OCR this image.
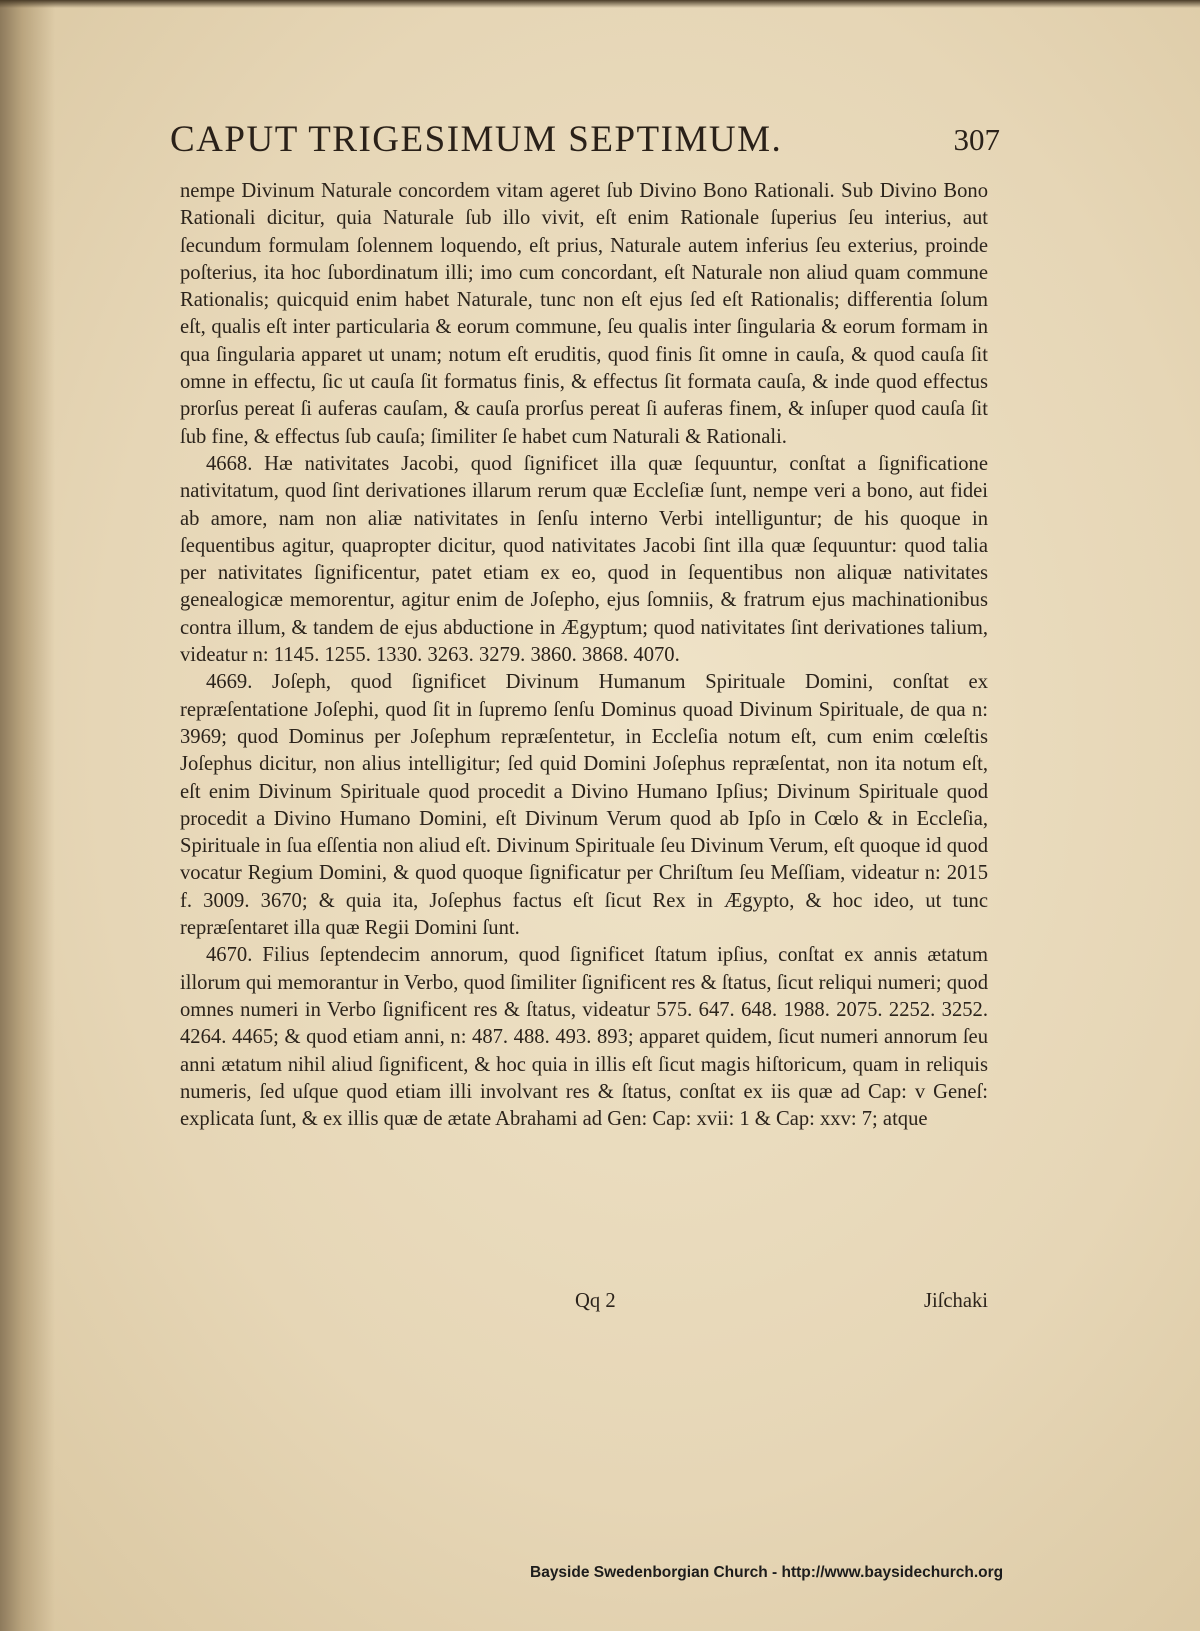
CAPUT TRIGESIMUM SEPTIMUM.	307

nempe Divinum Naturale concordem vitam ageret ſub Divino Bono Rationali. Sub Divino Bono Rationali dicitur, quia Naturale ſub illo vivit, eſt enim Rationale ſuperius ſeu interius, aut ſecundum formulam ſolennem loquendo, eſt prius, Naturale autem inferius ſeu exterius, proinde poſterius, ita hoc ſubordinatum illi; imo cum concordant, eſt Naturale non aliud quam commune Rationalis; quicquid enim habet Naturale, tunc non eſt ejus ſed eſt Rationalis; differentia ſolum eſt, qualis eſt inter particularia & eorum commune, ſeu qualis inter ſingularia & eorum formam in qua ſingularia apparet ut unam; notum eſt eruditis, quod finis ſit omne in cauſa, & quod cauſa ſit omne in effectu, ſic ut cauſa ſit formatus finis, & effectus ſit formata cauſa, & inde quod effectus prorſus pereat ſi auferas cauſam, & cauſa prorſus pereat ſi auferas finem, & inſuper quod cauſa ſit ſub fine, & effectus ſub cauſa; ſimiliter ſe habet cum Naturali & Rationali.

4668. Hæ nativitates Jacobi, quod ſignificet illa quæ ſequuntur, conſtat a ſignificatione nativitatum, quod ſint derivationes illarum rerum quæ Eccleſiæ ſunt, nempe veri a bono, aut fidei ab amore, nam non aliæ nativitates in ſenſu interno Verbi intelliguntur; de his quoque in ſequentibus agitur, quapropter dicitur, quod nativitates Jacobi ſint illa quæ ſequuntur: quod talia per nativitates ſignificentur, patet etiam ex eo, quod in ſequentibus non aliquæ nativitates genealogicæ memorentur, agitur enim de Joſepho, ejus ſomniis, & fratrum ejus machinationibus contra illum, & tandem de ejus abductione in Ægyptum; quod nativitates ſint derivationes talium, videatur n: 1145. 1255. 1330. 3263. 3279. 3860. 3868. 4070.

4669. Joſeph, quod ſignificet Divinum Humanum Spirituale Domini, conſtat ex repræſentatione Joſephi, quod ſit in ſupremo ſenſu Dominus quoad Divinum Spirituale, de qua n: 3969; quod Dominus per Joſephum repræſentetur, in Eccleſia notum eſt, cum enim cœleſtis Joſephus dicitur, non alius intelligitur; ſed quid Domini Joſephus repræſentat, non ita notum eſt, eſt enim Divinum Spirituale quod procedit a Divino Humano Ipſius; Divinum Spirituale quod procedit a Divino Humano Domini, eſt Divinum Verum quod ab Ipſo in Cœlo & in Eccleſia, Spirituale in ſua eſſentia non aliud eſt. Divinum Spirituale ſeu Divinum Verum, eſt quoque id quod vocatur Regium Domini, & quod quoque ſignificatur per Chriſtum ſeu Meſſiam, videatur n: 2015 f. 3009. 3670; & quia ita, Joſephus factus eſt ſicut Rex in Ægypto, & hoc ideo, ut tunc repræſentaret illa quæ Regii Domini ſunt.

4670. Filius ſeptendecim annorum, quod ſignificet ſtatum ipſius, conſtat ex annis ætatum illorum qui memorantur in Verbo, quod ſimiliter ſignificent res & ſtatus, ſicut reliqui numeri; quod omnes numeri in Verbo ſignificent res & ſtatus, videatur 575. 647. 648. 1988. 2075. 2252. 3252. 4264. 4465; & quod etiam anni, n: 487. 488. 493. 893; apparet quidem, ſicut numeri annorum ſeu anni ætatum nihil aliud ſignificent, & hoc quia in illis eſt ſicut magis hiſtoricum, quam in reliquis numeris, ſed uſque quod etiam illi involvant res & ſtatus, conſtat ex iis quæ ad Cap: v Geneſ: explicata ſunt, & ex illis quæ de ætate Abrahami ad Gen: Cap: xvii: 1 & Cap: xxv: 7; atque

Qq 2	Jiſchaki
Bayside Swedenborgian Church - http://www.baysidechurch.org
